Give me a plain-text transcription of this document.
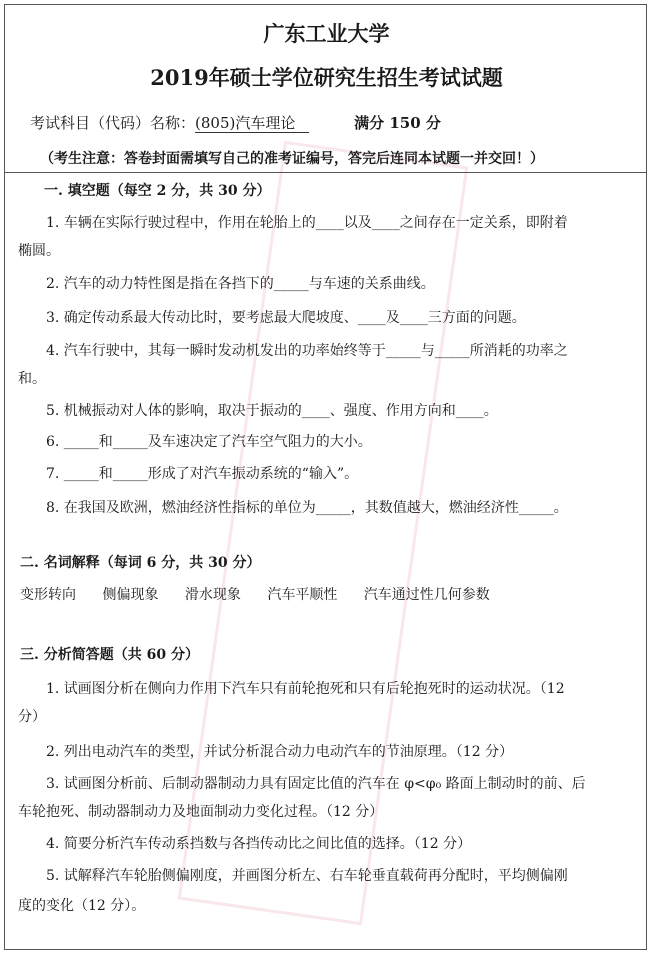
广东工业大学
2019年硕士学位研究生招生考试试题
考试科目（代码）名称：(805)汽车理论	满分 150 分
（考生注意：答卷封面需填写自己的准考证编号，答完后连同本试题一并交回！）
一. 填空题（每空 2 分，共 30 分）
1. 车辆在实际行驶过程中，作用在轮胎上的____以及____之间存在一定关系，即附着
椭圆。
2. 汽车的动力特性图是指在各挡下的_____与车速的关系曲线。
3. 确定传动系最大传动比时，要考虑最大爬坡度、____及____三方面的问题。
4. 汽车行驶中，其每一瞬时发动机发出的功率始终等于_____与_____所消耗的功率之
和。
5. 机械振动对人体的影响，取决于振动的____、强度、作用方向和____。
6. _____和_____及车速决定了汽车空气阻力的大小。
7. _____和_____形成了对汽车振动系统的“输入”。
8. 在我国及欧洲，燃油经济性指标的单位为_____，其数值越大，燃油经济性_____。
二. 名词解释（每词 6 分，共 30 分）
变形转向 侧偏现象 滑水现象 汽车平顺性 汽车通过性几何参数
三. 分析简答题（共 60 分）
1. 试画图分析在侧向力作用下汽车只有前轮抱死和只有后轮抱死时的运动状况。（12
分）
2. 列出电动汽车的类型，并试分析混合动力电动汽车的节油原理。（12 分）
3. 试画图分析前、后制动器制动力具有固定比值的汽车在 φ<φ₀ 路面上制动时的前、后
车轮抱死、制动器制动力及地面制动力变化过程。（12 分）
4. 简要分析汽车传动系挡数与各挡传动比之间比值的选择。（12 分）
5. 试解释汽车轮胎侧偏刚度，并画图分析左、右车轮垂直载荷再分配时，平均侧偏刚
度的变化（12 分）。
